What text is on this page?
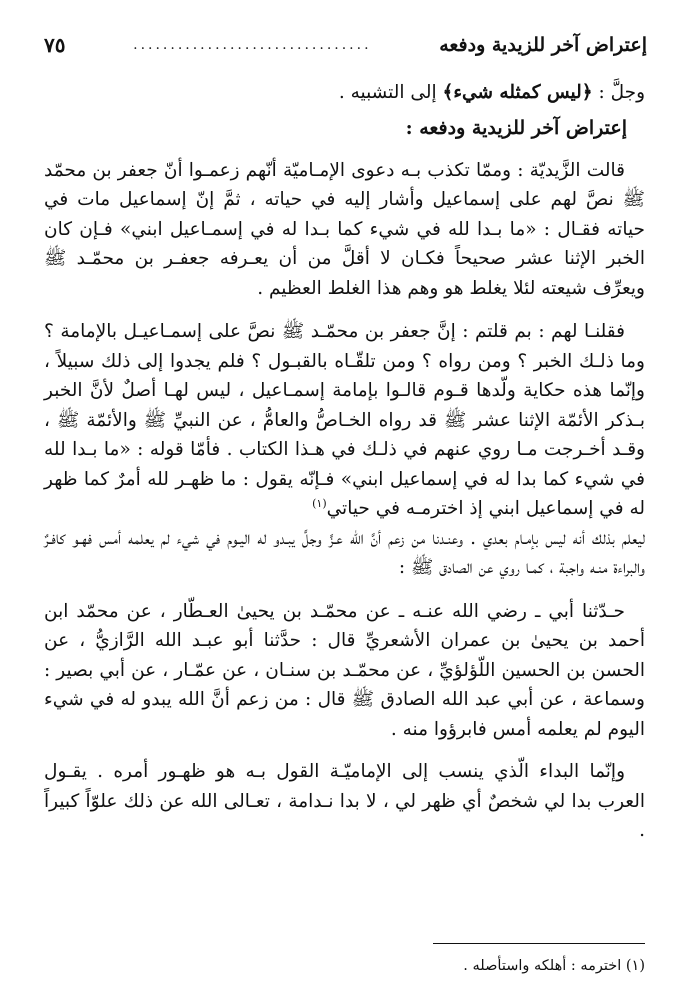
إعتراض آخر للزيدية ودفعه
................................
٧٥

وجلَّ : ﴿ليس كمثله شيء﴾ إلى التشبيه .

إعتراض آخر للزيدية ودفعه :

قالت الزَّيديّة : وممّا تكذب بـه دعوى الإمـاميّة أنّهم زعمـوا أنّ جعفر بن محمّد ﷺ نصَّ لهم على إسماعيل وأشار إليه في حياته ، ثمَّ إنّ إسماعيل مات في حياته فقـال : «ما بـدا لله في شيء كما بـدا له في إسمـاعيل ابني» فـإن كان الخبر الإثنا عشر صحيحاً فكـان لا أقلَّ من أن يعـرفه جعفـر بن محمّـد ﷺ ويعرِّف شيعته لئلا يغلط هو وهم هذا الغلط العظيم .

فقلنـا لهم : بم قلتم : إنَّ جعفر بن محمّـد ﷺ نصَّ على إسمـاعيـل بالإمامة ؟ وما ذلـك الخبر ؟ ومن رواه ؟ ومن تلقّـاه بالقبـول ؟ فلم يجدوا إلى ذلك سبيلاً ، وإنّما هذه حكاية ولّدها قـوم قالـوا بإمامة إسمـاعيل ، ليس لهـا أصلٌ لأنَّ الخبر بـذكر الأئمّة الإثنا عشر ﷺ قد رواه الخـاصُّ والعامُّ ، عن النبيِّ ﷺ والأئمّة ﷺ ، وقـد أخـرجت مـا روي عنهم في ذلـك في هـذا الكتاب . فأمّا قوله : «ما بـدا لله في شيء كما بدا له في إسماعيل ابني» فـإنّه يقول : ما ظهـر لله أمرٌ كما ظهر له في إسماعيل ابني إذ اخترمـه في حياتي$^{(١)}$

ليعلم بذلك أنه ليس بإمـام بعدي . وعنـدنا من زعم أنَّ الله عـزَّ وجلَّ يبـدو له اليـوم في شيء لم يعلمه أمس فهـو كافـرٌ والبراءة منـه واجبة ، كمـا روي عن الصادق ﷺ :

حـدّثنا أبي ـ رضي الله عنـه ـ عن محمّـد بن يحيىٰ العـطّار ، عن محمّد ابن أحمد بن يحيىٰ بن عمران الأشعريِّ قال : حدَّثنا أبو عبـد الله الرَّازيُّ ، عن الحسن بن الحسين اللّؤلؤيِّ ، عن محمّـد بن سنـان ، عن عمّـار ، عن أبي بصير : وسماعة ، عن أبي عبد الله الصادق ﷺ قال : من زعم أنَّ الله يبدو له في شيء اليوم لم يعلمه أمس فابرؤوا منه .

وإنّما البداء الّذي ينسب إلى الإماميّـة القول بـه هو ظهـور أمره . يقـول العرب بدا لي شخصٌ أي ظهر لي ، لا بدا نـدامة ، تعـالى الله عن ذلك علوّاً كبيراً .

(١) اخترمه : أهلكه واستأصله .
